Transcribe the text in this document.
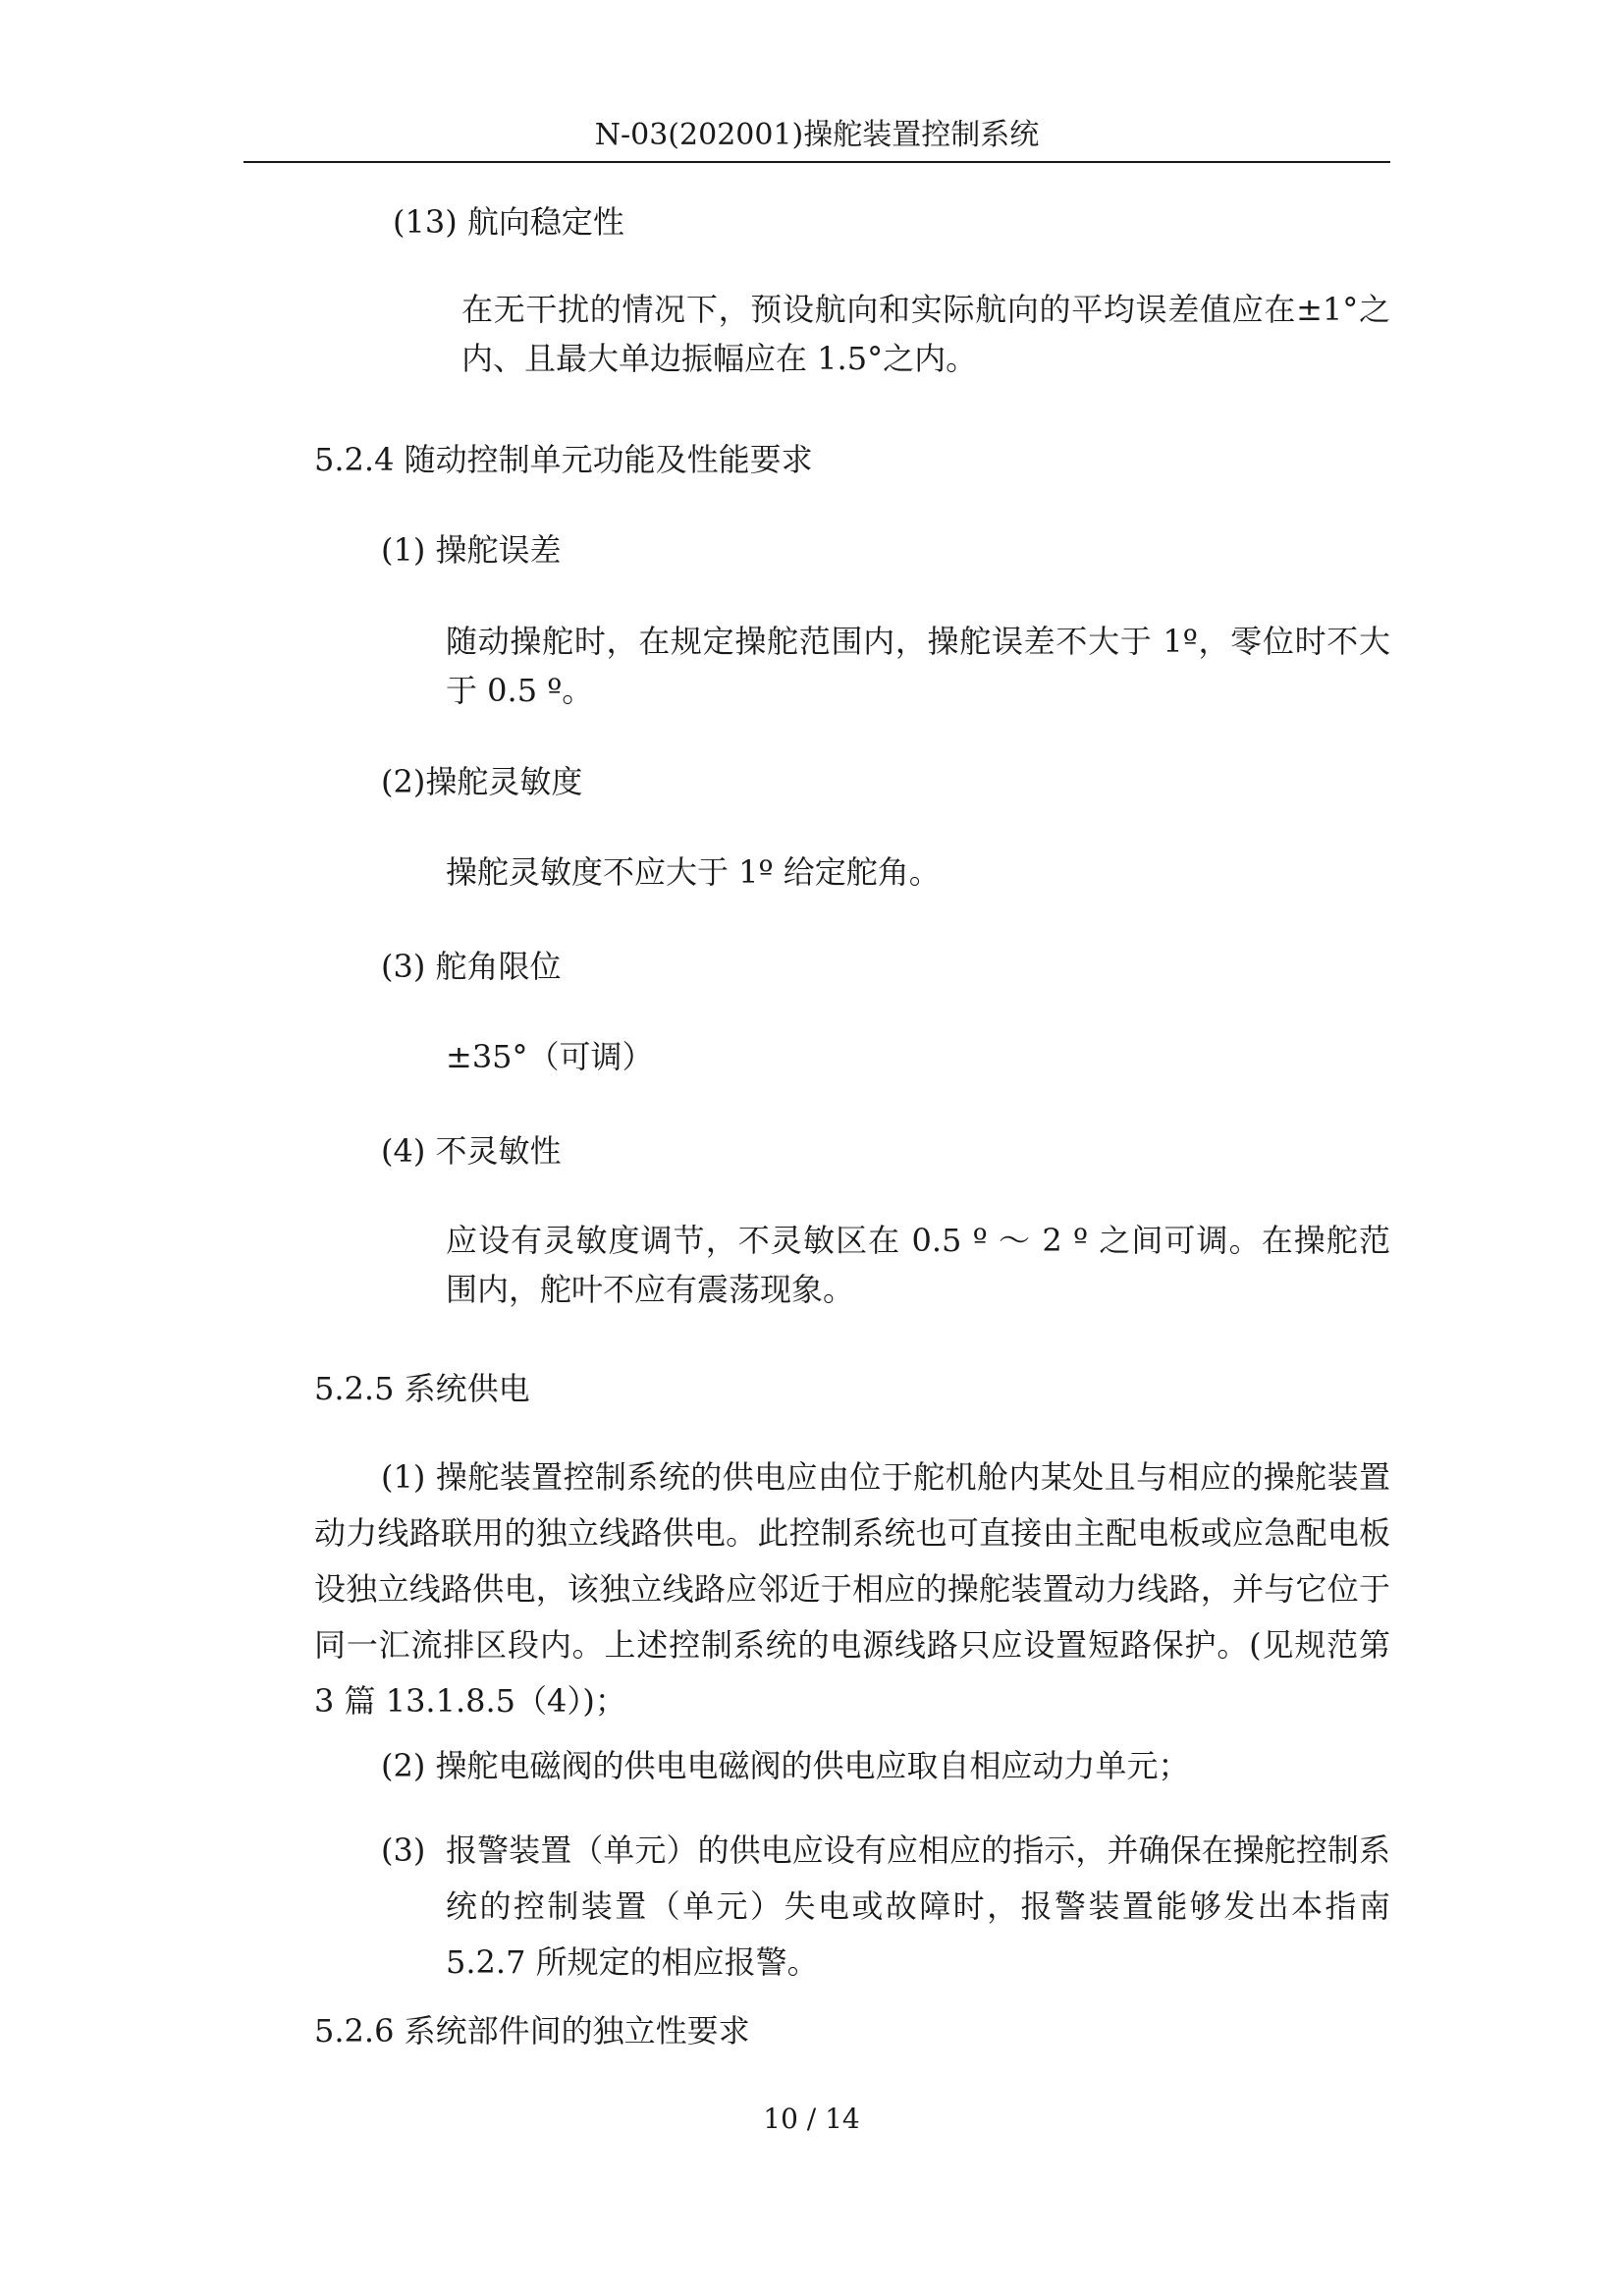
N-03(202001)操舵装置控制系统
(13) 航向稳定性
在无干扰的情况下，预设航向和实际航向的平均误差值应在±1°之内、且最大单边振幅应在 1.5°之内。
5.2.4 随动控制单元功能及性能要求
(1) 操舵误差
随动操舵时，在规定操舵范围内，操舵误差不大于 1º，零位时不大于 0.5 º。
(2)操舵灵敏度
操舵灵敏度不应大于 1º 给定舵角。
(3) 舵角限位
±35°（可调）
(4) 不灵敏性
应设有灵敏度调节，不灵敏区在 0.5 º ～ 2 º 之间可调。在操舵范围内，舵叶不应有震荡现象。
5.2.5 系统供电
(1) 操舵装置控制系统的供电应由位于舵机舱内某处且与相应的操舵装置动力线路联用的独立线路供电。此控制系统也可直接由主配电板或应急配电板设独立线路供电，该独立线路应邻近于相应的操舵装置动力线路，并与它位于同一汇流排区段内。上述控制系统的电源线路只应设置短路保护。(见规范第 3 篇 13.1.8.5（4）)；
(2) 操舵电磁阀的供电电磁阀的供电应取自相应动力单元；
(3) 报警装置（单元）的供电应设有应相应的指示，并确保在操舵控制系统的控制装置（单元）失电或故障时，报警装置能够发出本指南 5.2.7 所规定的相应报警。
5.2.6 系统部件间的独立性要求
10 / 14
